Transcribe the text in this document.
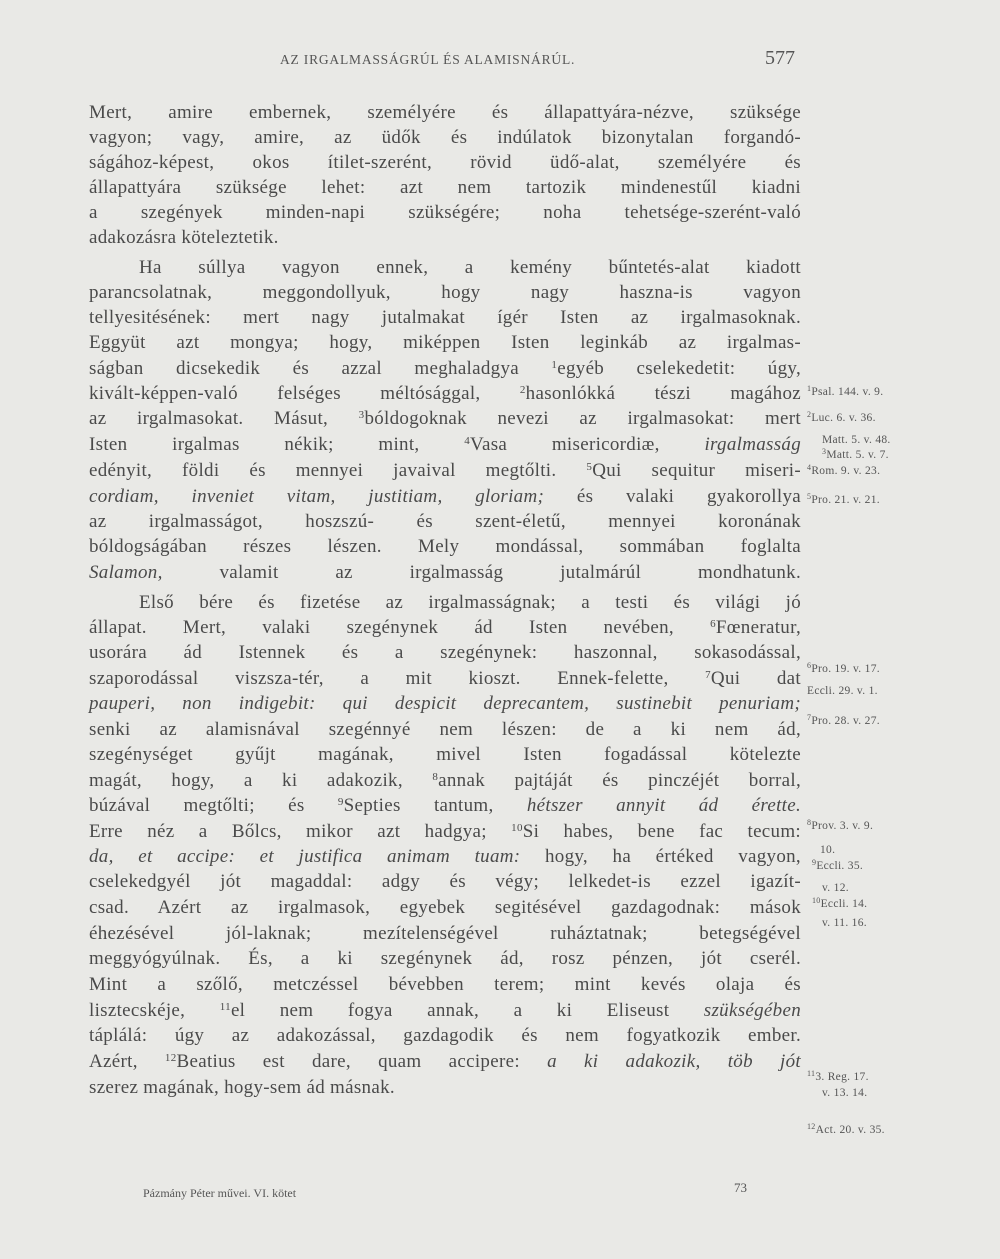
AZ IRGALMASSÁGRÚL ÉS ALAMISNÁRÚL.	577
Mert, amire embernek, személyére és állapattyára-nézve, szüksége
vagyon; vagy, amire, az üdők és indúlatok bizonytalan forgandó-
ságához-képest, okos ítilet-szerént, rövid üdő-alat, személyére és
állapattyára szüksége lehet: azt nem tartozik mindenestűl kiadni
a szegények minden-napi szükségére; noha tehetsége-szerént-való
adakozásra köteleztetik.
Ha súllya vagyon ennek, a kemény bűntetés-alat kiadott
parancsolatnak, meggondollyuk, hogy nagy haszna-is vagyon
tellyesitésének: mert nagy jutalmakat ígér Isten az irgalmasoknak.
Eggyüt azt mongya; hogy, miképpen Isten leginkáb az irgalmas-
ságban dicsekedik és azzal meghaladgya $^1$egyéb cselekedetit: úgy,
kivált-képpen-való felséges méltósággal, $^2$hasonlókká tészi magához
az irgalmasokat. Másut, $^3$bóldogoknak nevezi az irgalmasokat: mert
Isten irgalmas nékik; mint, $^4$Vasa misericordiæ, irgalmasság
edényit, földi és mennyei javaival megtőlti. $^5$Qui sequitur miseri-
cordiam, inveniet vitam, justitiam, gloriam; és valaki gyakorollya
az irgalmasságot, hoszszú- és szent-életű, mennyei koronának
bóldogságában részes lészen. Mely mondással, sommában foglalta
Salamon, valamit az irgalmasság jutalmárúl mondhatunk.
Első bére és fizetése az irgalmasságnak; a testi és világi jó
állapat. Mert, valaki szegénynek ád Isten nevében, $^6$Fœneratur,
usorára ád Istennek és a szegénynek: haszonnal, sokasodással,
szaporodással viszsza-tér, a mit kioszt. Ennek-felette, $^7$Qui dat
pauperi, non indigebit: qui despicit deprecantem, sustinebit penuriam;
senki az alamisnával szegénnyé nem lészen: de a ki nem ád,
szegénységet gyűjt magának, mivel Isten fogadással kötelezte
magát, hogy, a ki adakozik, $^8$annak pajtáját és pinczéjét borral,
búzával megtőlti; és $^9$Septies tantum, hétszer annyit ád érette.
Erre néz a Bőlcs, mikor azt hadgya; $^{10}$Si habes, bene fac tecum:
da, et accipe: et justifica animam tuam: hogy, ha értéked vagyon,
cselekedgyél jót magaddal: adgy és végy; lelkedet-is ezzel igazít-
csad. Azért az irgalmasok, egyebek segitésével gazdagodnak: mások
éhezésével jól-laknak; mezítelenségével ruháztatnak; betegségével
meggyógyúlnak. És, a ki szegénynek ád, rosz pénzen, jót cserél.
Mint a szőlő, metczéssel bévebben terem; mint kevés olaja és
lisztecskéje, $^{11}$el nem fogya annak, a ki Eliseust szükségében
táplálá: úgy az adakozással, gazdagodik és nem fogyatkozik ember.
Azért, $^{12}$Beatius est dare, quam accipere: a ki adakozik, töb jót
szerez magának, hogy-sem ád másnak.
$^1$Psal. 144. v. 9.
$^2$Luc. 6. v. 36.
Matt. 5. v. 48.
$^3$Matt. 5. v. 7.
$^4$Rom. 9. v. 23.
$^5$Pro. 21. v. 21.
$^6$Pro. 19. v. 17.
Eccli. 29. v. 1.
$^7$Pro. 28. v. 27.
$^8$Prov. 3. v. 9.
10.
$^9$Eccli. 35.
v. 12.
$^{10}$Eccli. 14.
v. 11. 16.
$^{11}$3. Reg. 17.
v. 13. 14.
$^{12}$Act. 20. v. 35.
Pázmány Péter művei. VI. kötet	73
